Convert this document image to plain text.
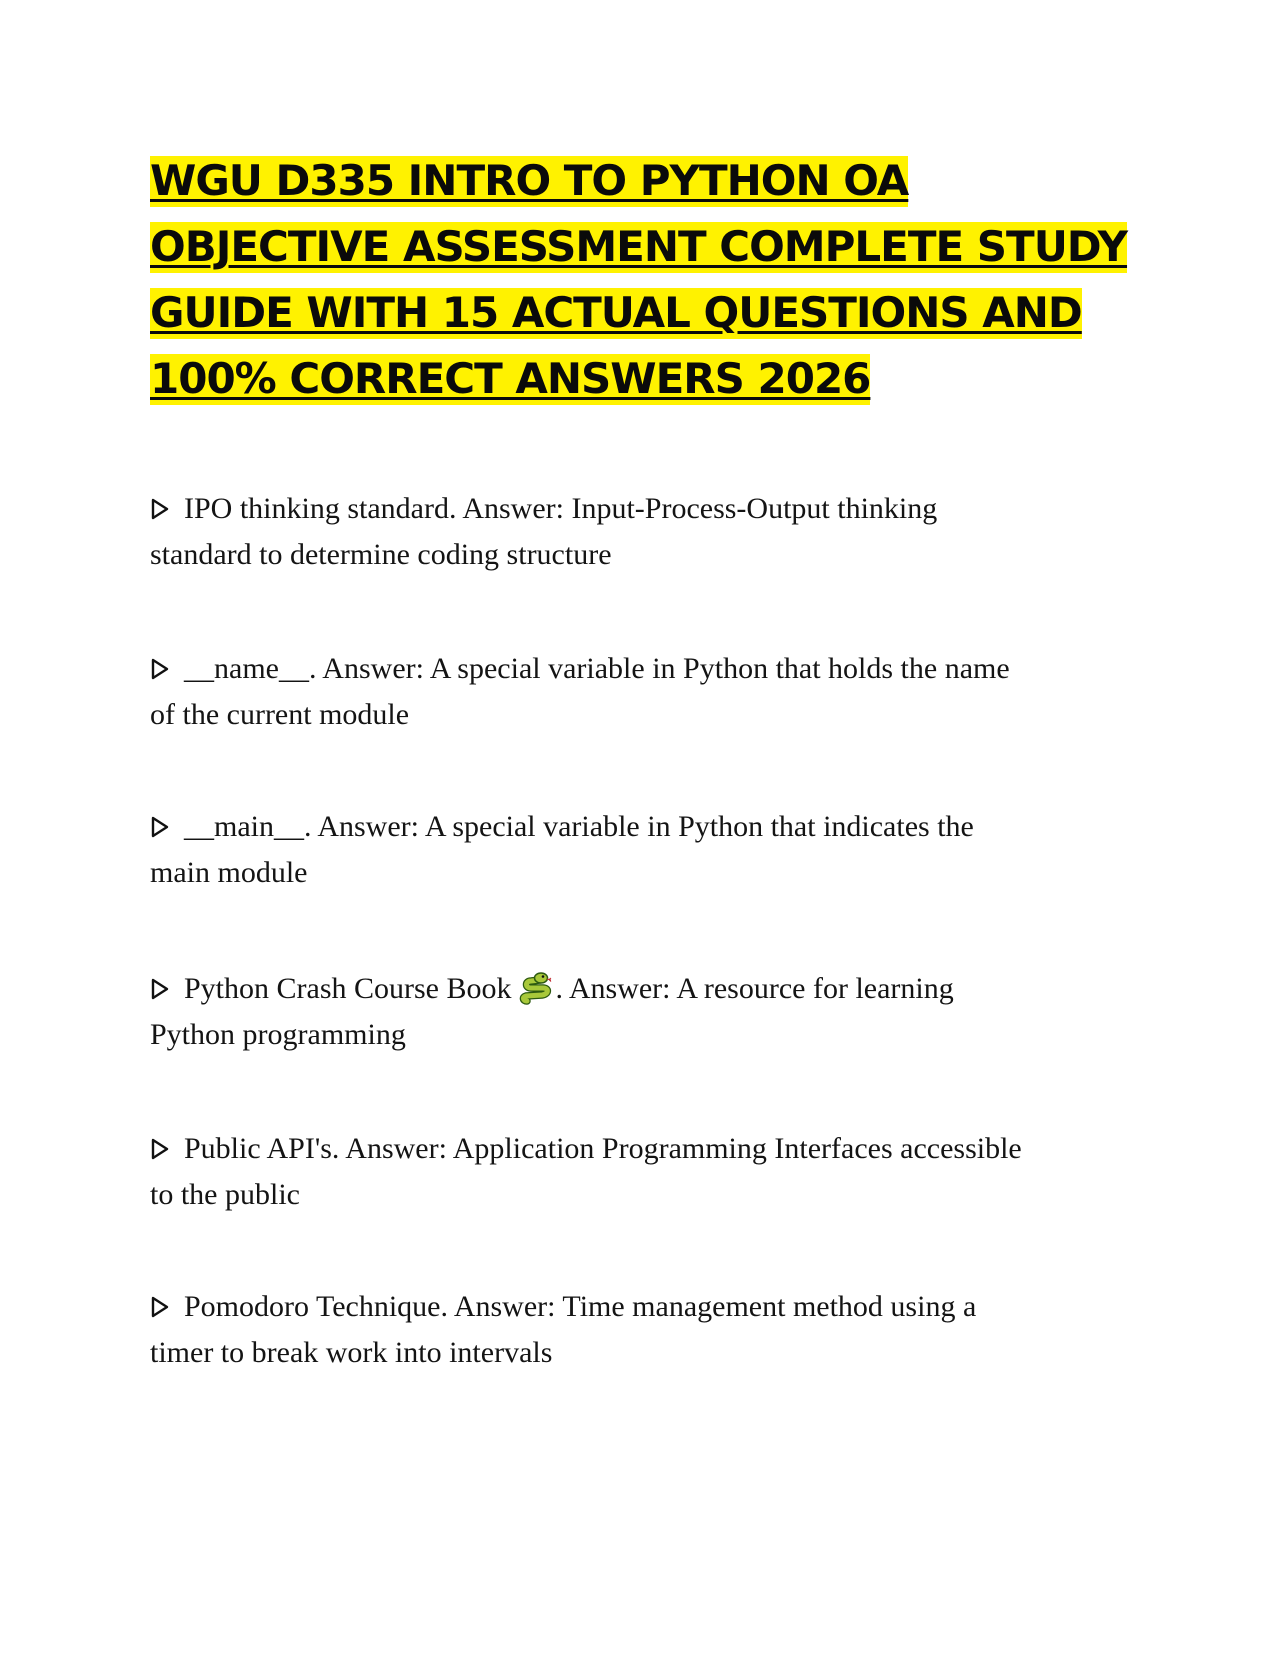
WGU D335 INTRO TO PYTHON OA
OBJECTIVE ASSESSMENT COMPLETE STUDY
GUIDE WITH 15 ACTUAL QUESTIONS AND
100% CORRECT ANSWERS 2026
IPO thinking standard. Answer: Input-Process-Output thinking
standard to determine coding structure
__name__. Answer: A special variable in Python that holds the name
of the current module
__main__. Answer: A special variable in Python that indicates the
main module
Python Crash Course Book . Answer: A resource for learning
Python programming
Public API's. Answer: Application Programming Interfaces accessible
to the public
Pomodoro Technique. Answer: Time management method using a
timer to break work into intervals
